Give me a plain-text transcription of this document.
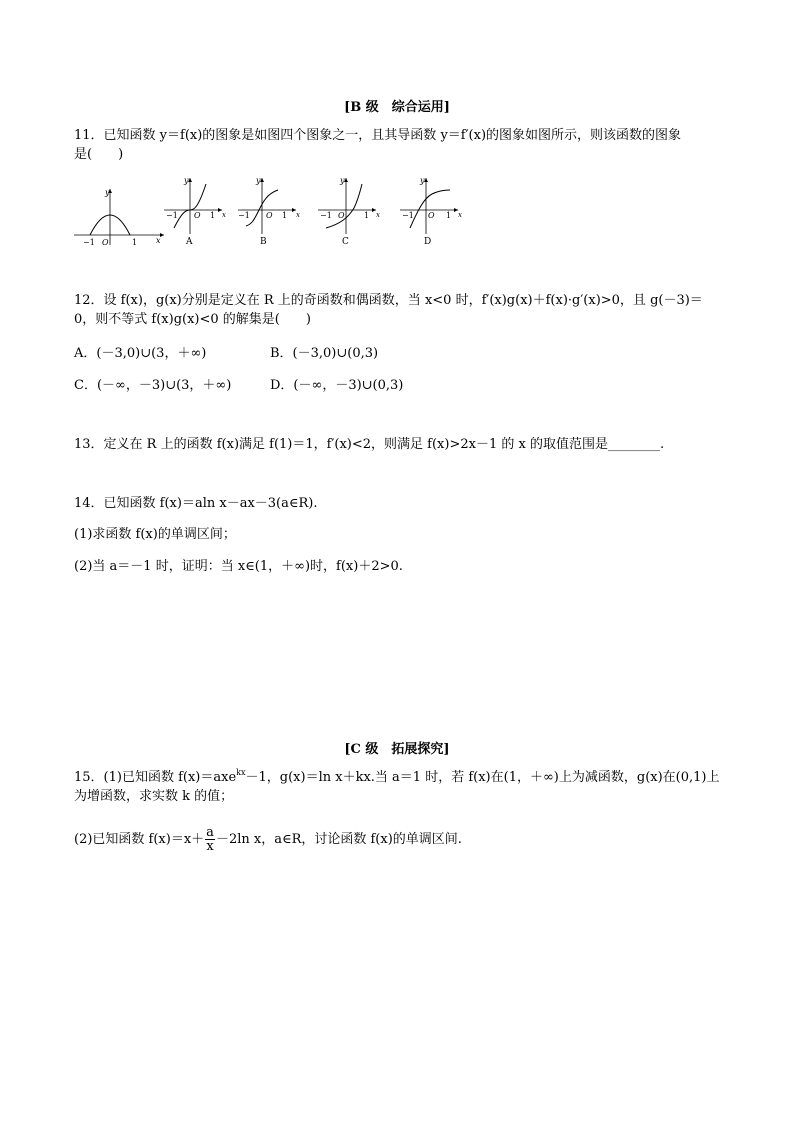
[B 级　综合运用]
11．已知函数 y＝f(x)的图象是如图四个图象之一，且其导函数 y＝f′(x)的图象如图所示，则该函数的图象
是(　　)
y
x
−1 O	1
y
x
−1 O 1
A
y
x
−1 O 1
B
y
x
−1 O 1
C
y
x
−1 O 1
D
12．设 f(x)，g(x)分别是定义在 R 上的奇函数和偶函数，当 x<0 时，f′(x)g(x)＋f(x)·g′(x)>0，且 g(－3)＝
0，则不等式 f(x)g(x)<0 的解集是(　　)
A．(－3,0)∪(3，＋∞)	B．(－3,0)∪(0,3)
C．(－∞，－3)∪(3，＋∞)	D．(－∞，－3)∪(0,3)
13．定义在 R 上的函数 f(x)满足 f(1)＝1，f′(x)<2，则满足 f(x)>2x－1 的 x 的取值范围是________.
14．已知函数 f(x)＝aln x－ax－3(a∈R).
(1)求函数 f(x)的单调区间；
(2)当 a＝－1 时，证明：当 x∈(1，＋∞)时，f(x)＋2>0.
[C 级　拓展探究]
15．(1)已知函数 f(x)＝axe$^{kx}$－1，g(x)＝ln x＋kx.当 a＝1 时，若 f(x)在(1，＋∞)上为减函数，g(x)在(0,1)上
为增函数，求实数 k 的值；
(2)已知函数 $f(x)=x+ \frac{a}{x} -2\ln$ x，a∈R，讨论函数 f(x)的单调区间.
